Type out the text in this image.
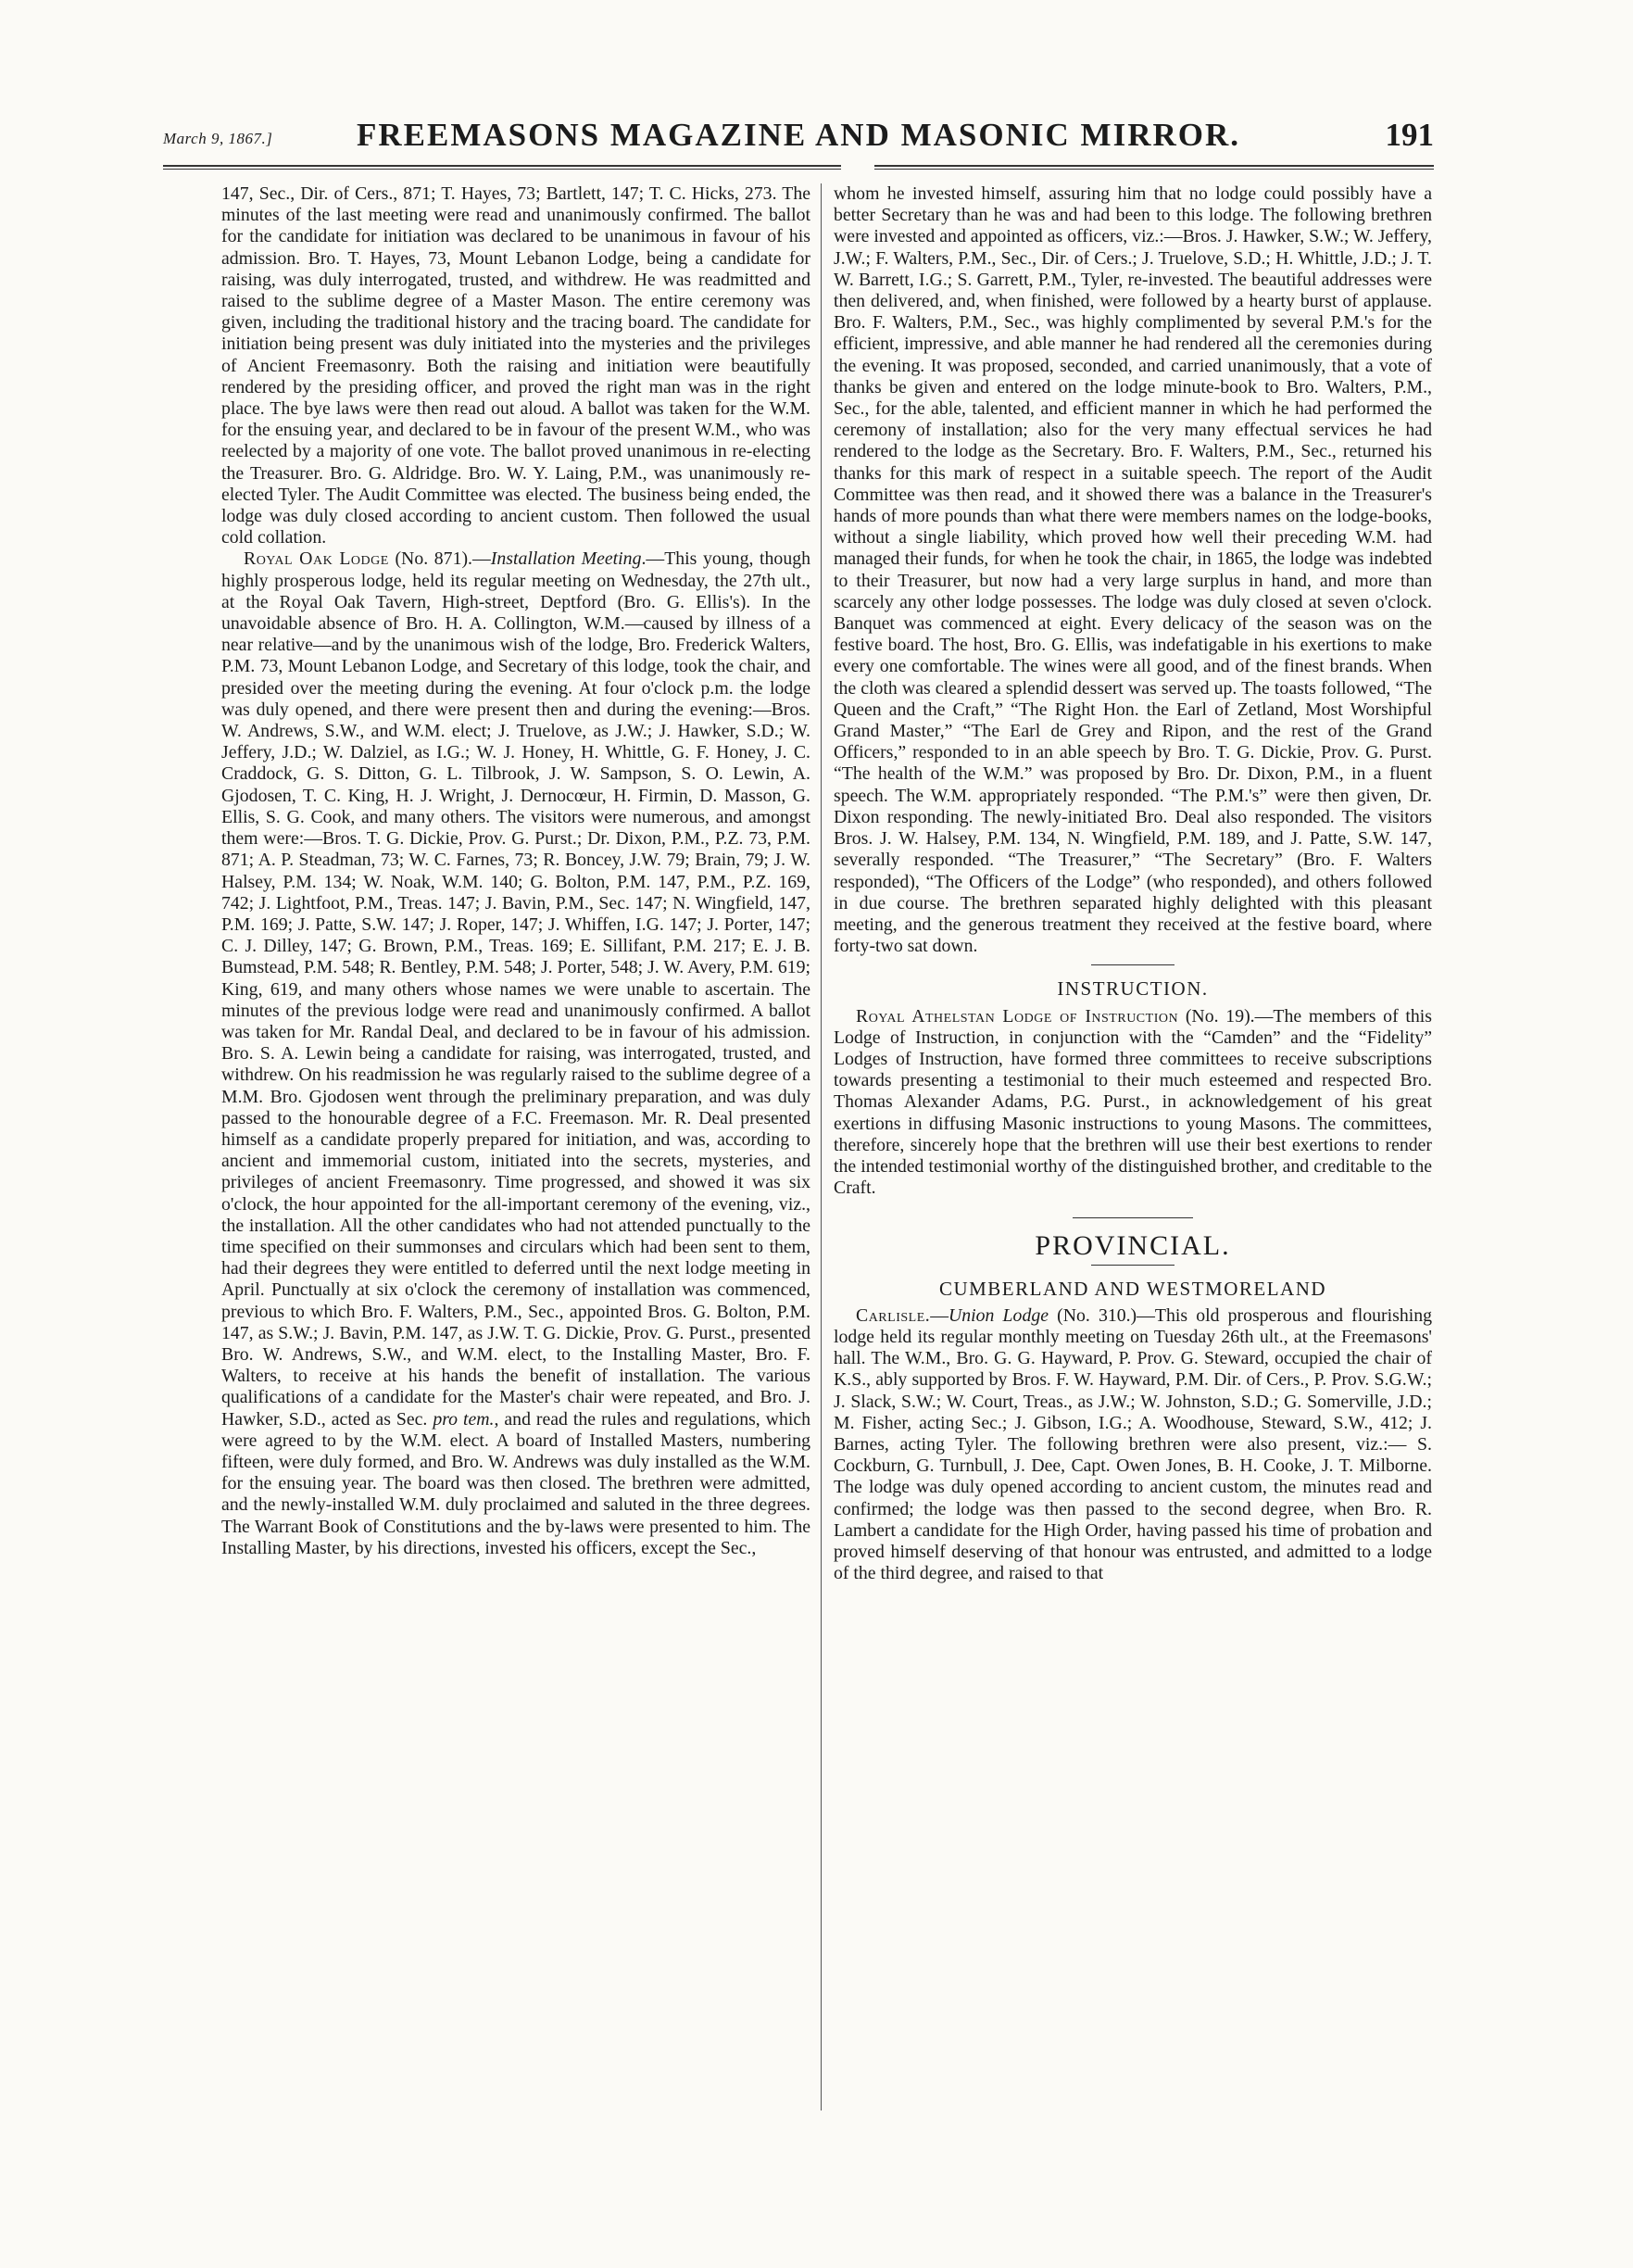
March 9, 1867.]	FREEMASONS MAGAZINE AND MASONIC MIRROR.	191

147, Sec., Dir. of Cers., 871; T. Hayes, 73; Bartlett, 147; T. C. Hicks, 273. The minutes of the last meeting were read and unanimously confirmed. The ballot for the candidate for initiation was declared to be unanimous in favour of his admission. Bro. T. Hayes, 73, Mount Lebanon Lodge, being a candidate for raising, was duly interrogated, trusted, and withdrew. He was readmitted and raised to the sublime degree of a Master Mason. The entire ceremony was given, including the traditional history and the tracing board. The candidate for initiation being present was duly initiated into the mysteries and the privileges of Ancient Freemasonry. Both the raising and initiation were beautifully rendered by the presiding officer, and proved the right man was in the right place. The bye laws were then read out aloud. A ballot was taken for the W.M. for the ensuing year, and declared to be in favour of the present W.M., who was reelected by a majority of one vote. The ballot proved unanimous in re-electing the Treasurer. Bro. G. Aldridge. Bro. W. Y. Laing, P.M., was unanimously re-elected Tyler. The Audit Committee was elected. The business being ended, the lodge was duly closed according to ancient custom. Then followed the usual cold collation.

Royal Oak Lodge (No. 871).—Installation Meeting.—This young, though highly prosperous lodge, held its regular meeting on Wednesday, the 27th ult., at the Royal Oak Tavern, High-street, Deptford (Bro. G. Ellis's). In the unavoidable absence of Bro. H. A. Collington, W.M.—caused by illness of a near relative—and by the unanimous wish of the lodge, Bro. Frederick Walters, P.M. 73, Mount Lebanon Lodge, and Secretary of this lodge, took the chair, and presided over the meeting during the evening. At four o'clock p.m. the lodge was duly opened, and there were present then and during the evening:—Bros. W. Andrews, S.W., and W.M. elect; J. Truelove, as J.W.; J. Hawker, S.D.; W. Jeffery, J.D.; W. Dalziel, as I.G.; W. J. Honey, H. Whittle, G. F. Honey, J. C. Craddock, G. S. Ditton, G. L. Tilbrook, J. W. Sampson, S. O. Lewin, A. Gjodosen, T. C. King, H. J. Wright, J. Dernocœur, H. Firmin, D. Masson, G. Ellis, S. G. Cook, and many others. The visitors were numerous, and amongst them were:—Bros. T. G. Dickie, Prov. G. Purst.; Dr. Dixon, P.M., P.Z. 73, P.M. 871; A. P. Steadman, 73; W. C. Farnes, 73; R. Boncey, J.W. 79; Brain, 79; J. W. Halsey, P.M. 134; W. Noak, W.M. 140; G. Bolton, P.M. 147, P.M., P.Z. 169, 742; J. Lightfoot, P.M., Treas. 147; J. Bavin, P.M., Sec. 147; N. Wingfield, 147, P.M. 169; J. Patte, S.W. 147; J. Roper, 147; J. Whiffen, I.G. 147; J. Porter, 147; C. J. Dilley, 147; G. Brown, P.M., Treas. 169; E. Sillifant, P.M. 217; E. J. B. Bumstead, P.M. 548; R. Bentley, P.M. 548; J. Porter, 548; J. W. Avery, P.M. 619; King, 619, and many others whose names we were unable to ascertain. The minutes of the previous lodge were read and unanimously confirmed. A ballot was taken for Mr. Randal Deal, and declared to be in favour of his admission. Bro. S. A. Lewin being a candidate for raising, was interrogated, trusted, and withdrew. On his readmission he was regularly raised to the sublime degree of a M.M. Bro. Gjodosen went through the preliminary preparation, and was duly passed to the honourable degree of a F.C. Freemason. Mr. R. Deal presented himself as a candidate properly prepared for initiation, and was, according to ancient and immemorial custom, initiated into the secrets, mysteries, and privileges of ancient Freemasonry. Time progressed, and showed it was six o'clock, the hour appointed for the all-important ceremony of the evening, viz., the installation. All the other candidates who had not attended punctually to the time specified on their summonses and circulars which had been sent to them, had their degrees they were entitled to deferred until the next lodge meeting in April. Punctually at six o'clock the ceremony of installation was commenced, previous to which Bro. F. Walters, P.M., Sec., appointed Bros. G. Bolton, P.M. 147, as S.W.; J. Bavin, P.M. 147, as J.W. T. G. Dickie, Prov. G. Purst., presented Bro. W. Andrews, S.W., and W.M. elect, to the Installing Master, Bro. F. Walters, to receive at his hands the benefit of installation. The various qualifications of a candidate for the Master's chair were repeated, and Bro. J. Hawker, S.D., acted as Sec. pro tem., and read the rules and regulations, which were agreed to by the W.M. elect. A board of Installed Masters, numbering fifteen, were duly formed, and Bro. W. Andrews was duly installed as the W.M. for the ensuing year. The board was then closed. The brethren were admitted, and the newly-installed W.M. duly proclaimed and saluted in the three degrees. The Warrant Book of Constitutions and the by-laws were presented to him. The Installing Master, by his directions, invested his officers, except the Sec.,

whom he invested himself, assuring him that no lodge could possibly have a better Secretary than he was and had been to this lodge. The following brethren were invested and appointed as officers, viz.:—Bros. J. Hawker, S.W.; W. Jeffery, J.W.; F. Walters, P.M., Sec., Dir. of Cers.; J. Truelove, S.D.; H. Whittle, J.D.; J. T. W. Barrett, I.G.; S. Garrett, P.M., Tyler, re-invested. The beautiful addresses were then delivered, and, when finished, were followed by a hearty burst of applause. Bro. F. Walters, P.M., Sec., was highly complimented by several P.M.'s for the efficient, impressive, and able manner he had rendered all the ceremonies during the evening. It was proposed, seconded, and carried unanimously, that a vote of thanks be given and entered on the lodge minute-book to Bro. Walters, P.M., Sec., for the able, talented, and efficient manner in which he had performed the ceremony of installation; also for the very many effectual services he had rendered to the lodge as the Secretary. Bro. F. Walters, P.M., Sec., returned his thanks for this mark of respect in a suitable speech. The report of the Audit Committee was then read, and it showed there was a balance in the Treasurer's hands of more pounds than what there were members names on the lodge-books, without a single liability, which proved how well their preceding W.M. had managed their funds, for when he took the chair, in 1865, the lodge was indebted to their Treasurer, but now had a very large surplus in hand, and more than scarcely any other lodge possesses. The lodge was duly closed at seven o'clock. Banquet was commenced at eight. Every delicacy of the season was on the festive board. The host, Bro. G. Ellis, was indefatigable in his exertions to make every one comfortable. The wines were all good, and of the finest brands. When the cloth was cleared a splendid dessert was served up. The toasts followed, “The Queen and the Craft,” “The Right Hon. the Earl of Zetland, Most Worshipful Grand Master,” “The Earl de Grey and Ripon, and the rest of the Grand Officers,” responded to in an able speech by Bro. T. G. Dickie, Prov. G. Purst. “The health of the W.M.” was proposed by Bro. Dr. Dixon, P.M., in a fluent speech. The W.M. appropriately responded. “The P.M.'s” were then given, Dr. Dixon responding. The newly-initiated Bro. Deal also responded. The visitors Bros. J. W. Halsey, P.M. 134, N. Wingfield, P.M. 189, and J. Patte, S.W. 147, severally responded. “The Treasurer,” “The Secretary” (Bro. F. Walters responded), “The Officers of the Lodge” (who responded), and others followed in due course. The brethren separated highly delighted with this pleasant meeting, and the generous treatment they received at the festive board, where forty-two sat down.

INSTRUCTION.

Royal Athelstan Lodge of Instruction (No. 19).—The members of this Lodge of Instruction, in conjunction with the “Camden” and the “Fidelity” Lodges of Instruction, have formed three committees to receive subscriptions towards presenting a testimonial to their much esteemed and respected Bro. Thomas Alexander Adams, P.G. Purst., in acknowledgement of his great exertions in diffusing Masonic instructions to young Masons. The committees, therefore, sincerely hope that the brethren will use their best exertions to render the intended testimonial worthy of the distinguished brother, and creditable to the Craft.

PROVINCIAL.
CUMBERLAND AND WESTMORELAND

Carlisle.—Union Lodge (No. 310.)—This old prosperous and flourishing lodge held its regular monthly meeting on Tuesday 26th ult., at the Freemasons' hall. The W.M., Bro. G. G. Hayward, P. Prov. G. Steward, occupied the chair of K.S., ably supported by Bros. F. W. Hayward, P.M. Dir. of Cers., P. Prov. S.G.W.; J. Slack, S.W.; W. Court, Treas., as J.W.; W. Johnston, S.D.; G. Somerville, J.D.; M. Fisher, acting Sec.; J. Gibson, I.G.; A. Woodhouse, Steward, S.W., 412; J. Barnes, acting Tyler. The following brethren were also present, viz.:— S. Cockburn, G. Turnbull, J. Dee, Capt. Owen Jones, B. H. Cooke, J. T. Milborne. The lodge was duly opened according to ancient custom, the minutes read and confirmed; the lodge was then passed to the second degree, when Bro. R. Lambert a candidate for the High Order, having passed his time of probation and proved himself deserving of that honour was entrusted, and admitted to a lodge of the third degree, and raised to that
